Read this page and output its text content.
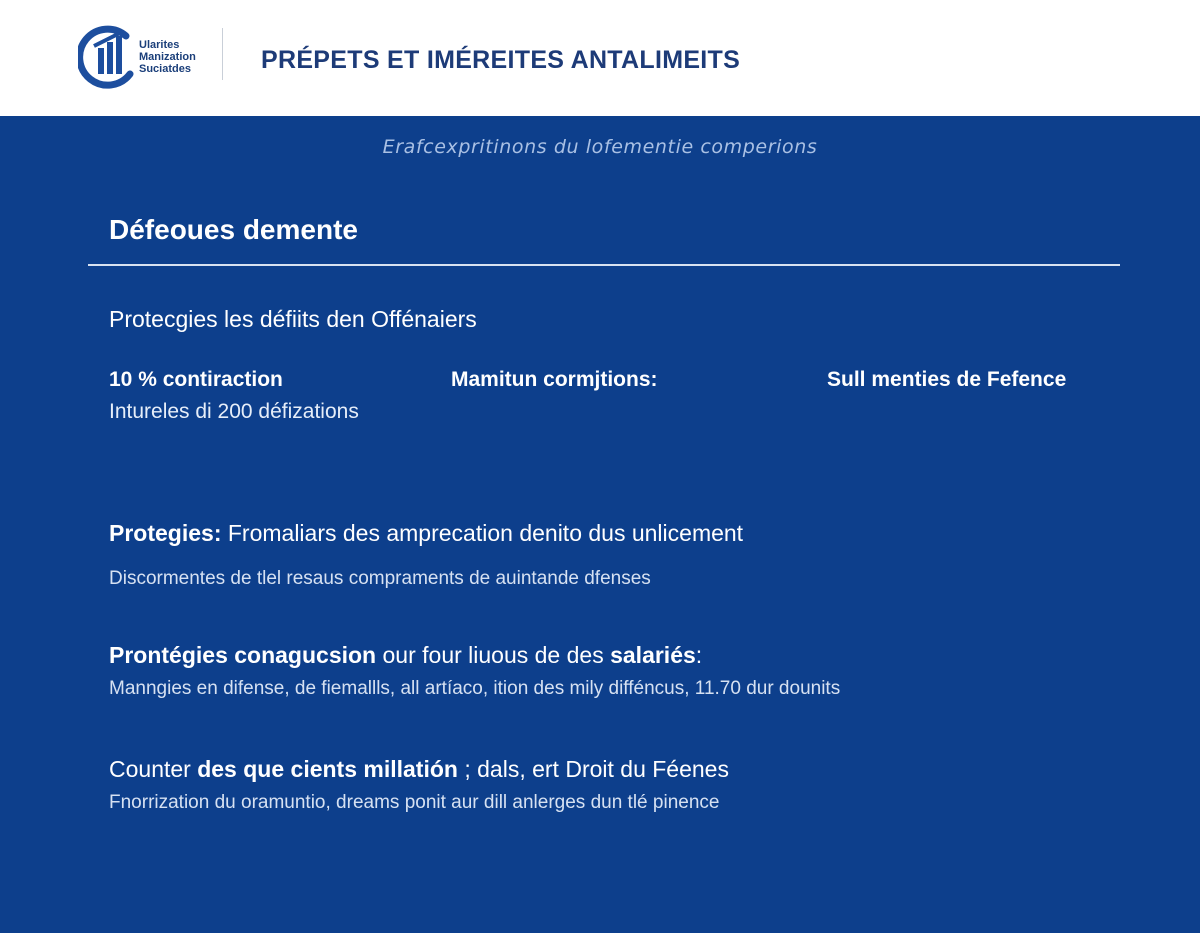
Ularites
Manization
Suciatdes	PRÉPETS ET IMÉREITES ANTALIMEITS
Erafcexpritinons du lofementie comperions
Défeoues demente
Protecgies les défiits den Offénaiers
10 % contiraction	Mamitun cormjtions:	Sull menties de Fefence
Intureles di 200 défizations
Protegies: Fromaliars des amprecation denito dus unlicement
Discormentes de tlel resaus compraments de auintande dfenses
Prontégies conagucsion our four liuous de des salariés:
Manngies en difense, de fiemallls, all artíaco, ition des mily difféncus, 11.70 dur dounits
Counter des que cients millatión ; dals, ert Droit du Féenes
Fnorrization du oramuntio, dreams ponit aur dill anlerges dun tlé pinence
